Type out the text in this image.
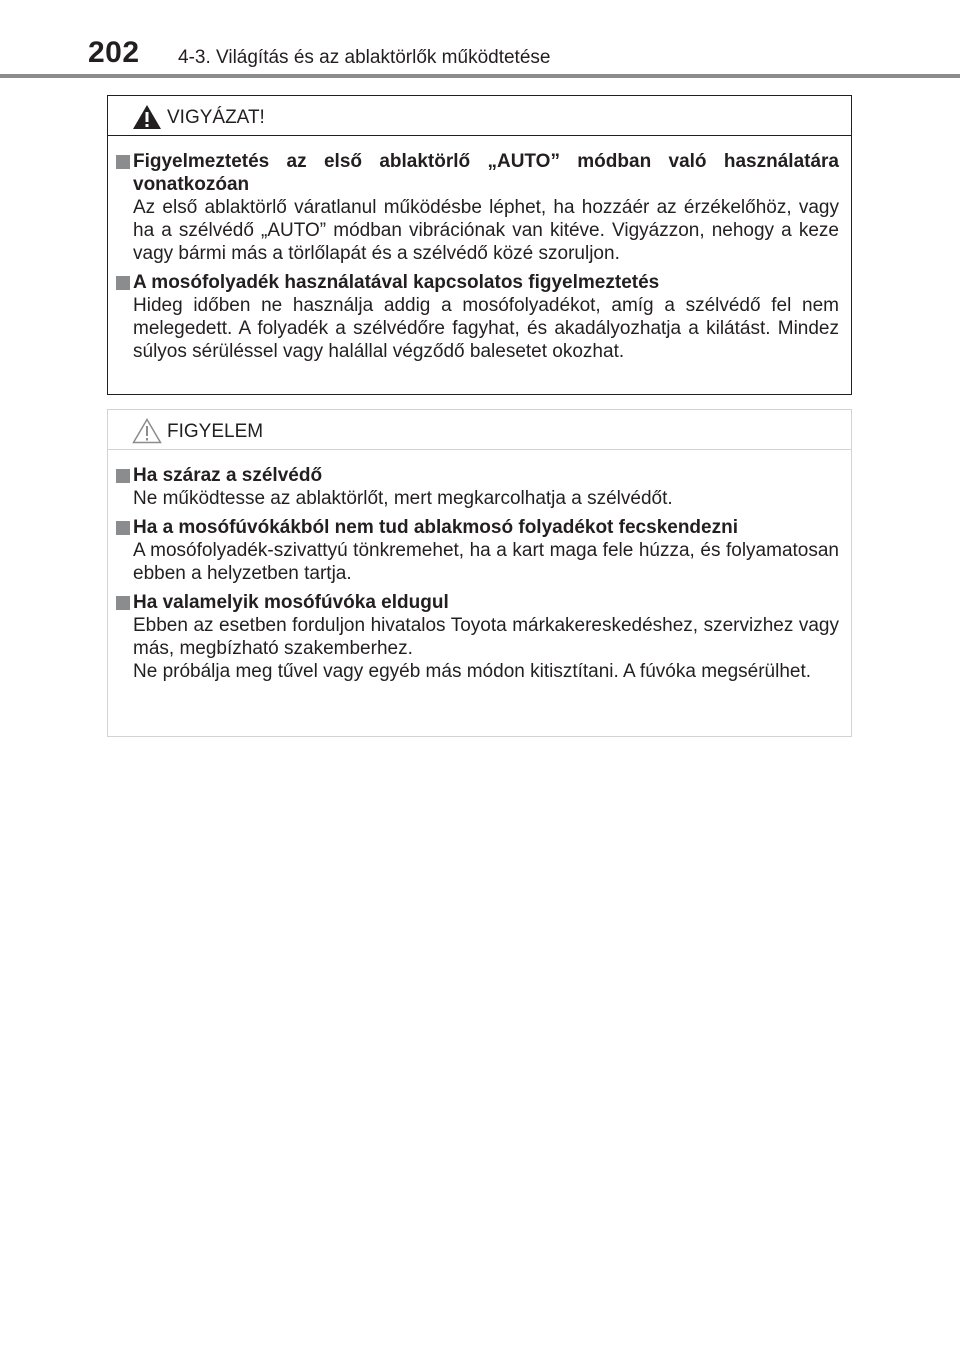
202 4-3. Világítás és az ablaktörlők működtetése
VIGYÁZAT!
Figyelmeztetés az első ablaktörlő „AUTO” módban való használatára vonatkozóan
Az első ablaktörlő váratlanul működésbe léphet, ha hozzáér az érzékelőhöz, vagy ha a szélvédő „AUTO” módban vibrációnak van kitéve. Vigyázzon, nehogy a keze vagy bármi más a törlőlapát és a szélvédő közé szoruljon.
A mosófolyadék használatával kapcsolatos figyelmeztetés
Hideg időben ne használja addig a mosófolyadékot, amíg a szélvédő fel nem melegedett. A folyadék a szélvédőre fagyhat, és akadályozhatja a kilátást. Mindez súlyos sérüléssel vagy halállal végződő balesetet okozhat.
FIGYELEM
Ha száraz a szélvédő
Ne működtesse az ablaktörlőt, mert megkarcolhatja a szélvédőt.
Ha a mosófúvókákból nem tud ablakmosó folyadékot fecskendezni
A mosófolyadék-szivattyú tönkremehet, ha a kart maga fele húzza, és folyamatosan ebben a helyzetben tartja.
Ha valamelyik mosófúvóka eldugul
Ebben az esetben forduljon hivatalos Toyota márkakereskedéshez, szervizhez vagy más, megbízható szakemberhez.
Ne próbálja meg tűvel vagy egyéb más módon kitisztítani. A fúvóka megsérülhet.
